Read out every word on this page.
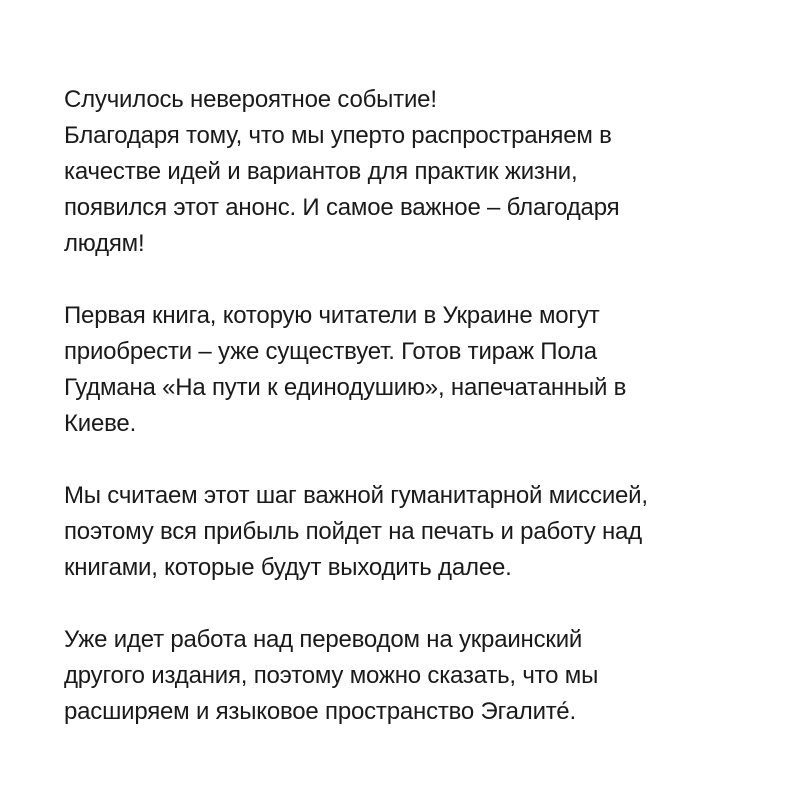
Случилось невероятное событие!
Благодаря тому, что мы уперто распространяем в
качестве идей и вариантов для практик жизни,
появился этот анонс. И самое важное – благодаря
людям!

Первая книга, которую читатели в Украине могут
приобрести – уже существует. Готов тираж Пола
Гудмана «На пути к единодушию», напечатанный в
Киеве.

Мы считаем этот шаг важной гуманитарной миссией,
поэтому вся прибыль пойдет на печать и работу над
книгами, которые будут выходить далее.

Уже идет работа над переводом на украинский
другого издания, поэтому можно сказать, что мы
расширяем и языковое пространство Эгалите́.
